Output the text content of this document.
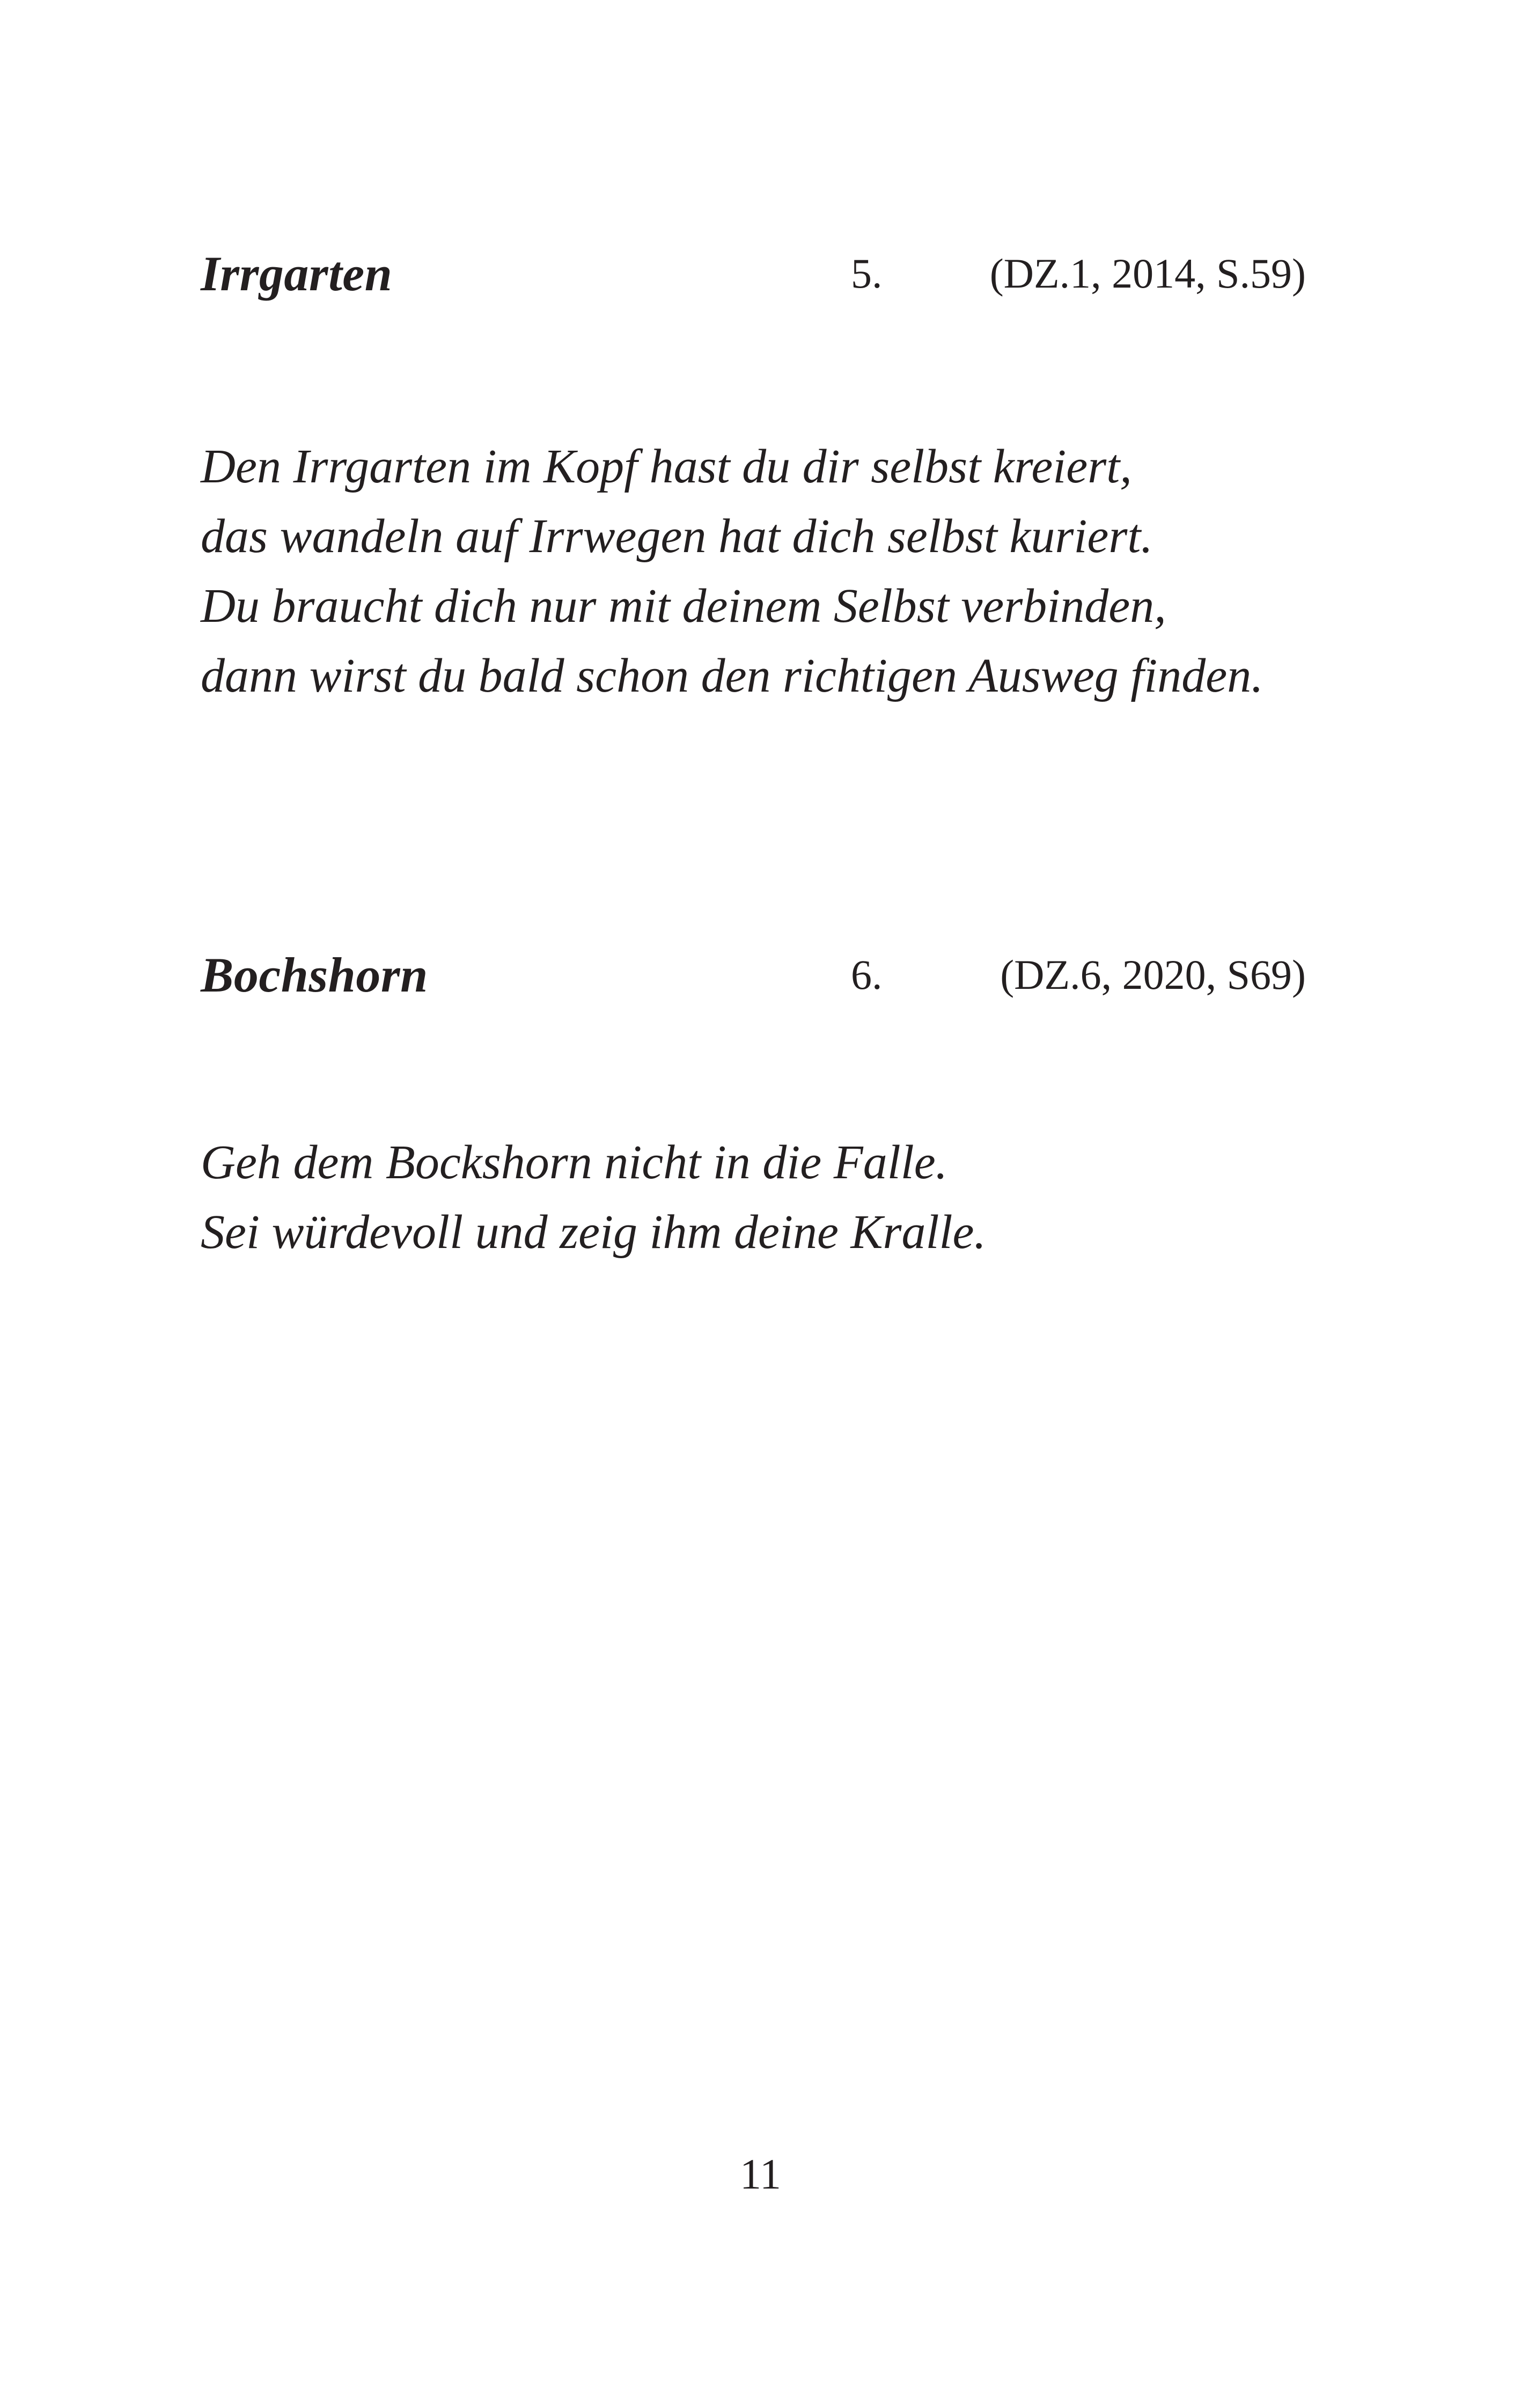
Irrgarten	5.	(DZ.1, 2014, S.59)
Den Irrgarten im Kopf hast du dir selbst kreiert,
das wandeln auf Irrwegen hat dich selbst kuriert.
Du braucht dich nur mit deinem Selbst verbinden,
dann wirst du bald schon den richtigen Ausweg finden.
Bochshorn	6.	(DZ.6, 2020, S69)
Geh dem Bockshorn nicht in die Falle.
Sei würdevoll und zeig ihm deine Kralle.
11
